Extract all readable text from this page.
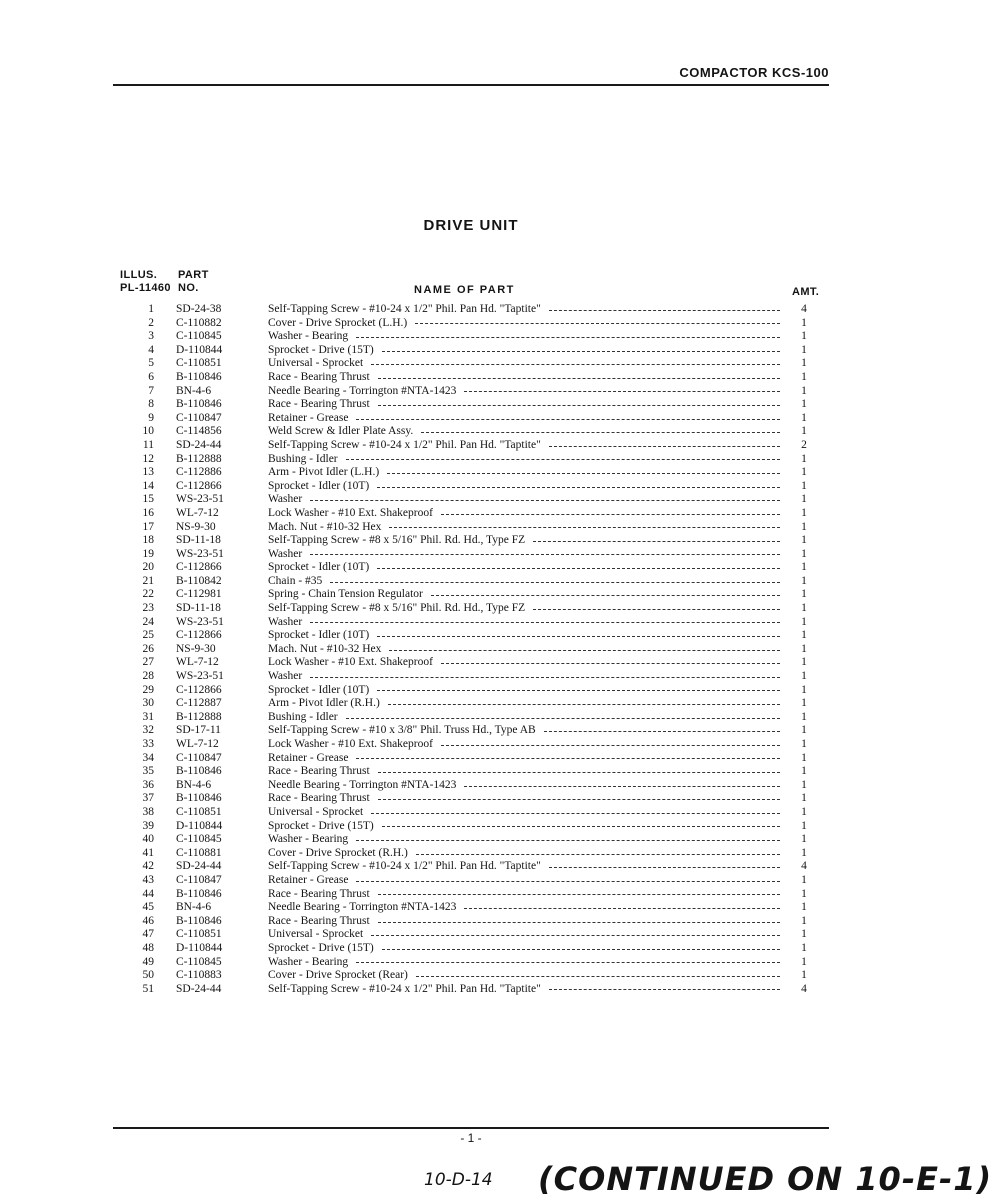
COMPACTOR KCS-100
DRIVE UNIT
ILLUS. PART
PL-11460 NO.	NAME OF PART	AMT.
1 SD-24-38	Self-Tapping Screw - #10-24 x 1/2" Phil. Pan Hd. "Taptite"	4
2 C-110882	Cover - Drive Sprocket (L.H.)	1
3 C-110845	Washer - Bearing	1
4 D-110844	Sprocket - Drive (15T)	1
5 C-110851	Universal - Sprocket	1
6 B-110846	Race - Bearing Thrust	1
7 BN-4-6	Needle Bearing - Torrington #NTA-1423	1
8 B-110846	Race - Bearing Thrust	1
9 C-110847	Retainer - Grease	1
10 C-114856	Weld Screw & Idler Plate Assy.	1
11 SD-24-44	Self-Tapping Screw - #10-24 x 1/2" Phil. Pan Hd. "Taptite"	2
12 B-112888	Bushing - Idler	1
13 C-112886	Arm - Pivot Idler (L.H.)	1
14 C-112866	Sprocket - Idler (10T)	1
15 WS-23-51	Washer	1
16 WL-7-12	Lock Washer - #10 Ext. Shakeproof	1
17 NS-9-30	Mach. Nut - #10-32 Hex	1
18 SD-11-18	Self-Tapping Screw - #8 x 5/16" Phil. Rd. Hd., Type FZ	1
19 WS-23-51	Washer	1
20 C-112866	Sprocket - Idler (10T)	1
21 B-110842	Chain - #35	1
22 C-112981	Spring - Chain Tension Regulator	1
23 SD-11-18	Self-Tapping Screw - #8 x 5/16" Phil. Rd. Hd., Type FZ	1
24 WS-23-51	Washer	1
25 C-112866	Sprocket - Idler (10T)	1
26 NS-9-30	Mach. Nut - #10-32 Hex	1
27 WL-7-12	Lock Washer - #10 Ext. Shakeproof	1
28 WS-23-51	Washer	1
29 C-112866	Sprocket - Idler (10T)	1
30 C-112887	Arm - Pivot Idler (R.H.)	1
31 B-112888	Bushing - Idler	1
32 SD-17-11	Self-Tapping Screw - #10 x 3/8" Phil. Truss Hd., Type AB	1
33 WL-7-12	Lock Washer - #10 Ext. Shakeproof	1
34 C-110847	Retainer - Grease	1
35 B-110846	Race - Bearing Thrust	1
36 BN-4-6	Needle Bearing - Torrington #NTA-1423	1
37 B-110846	Race - Bearing Thrust	1
38 C-110851	Universal - Sprocket	1
39 D-110844	Sprocket - Drive (15T)	1
40 C-110845	Washer - Bearing	1
41 C-110881	Cover - Drive Sprocket (R.H.)	1
42 SD-24-44	Self-Tapping Screw - #10-24 x 1/2" Phil. Pan Hd. "Taptite"	4
43 C-110847	Retainer - Grease	1
44 B-110846	Race - Bearing Thrust	1
45 BN-4-6	Needle Bearing - Torrington #NTA-1423	1
46 B-110846	Race - Bearing Thrust	1
47 C-110851	Universal - Sprocket	1
48 D-110844	Sprocket - Drive (15T)	1
49 C-110845	Washer - Bearing	1
50 C-110883	Cover - Drive Sprocket (Rear)	1
51 SD-24-44	Self-Tapping Screw - #10-24 x 1/2" Phil. Pan Hd. "Taptite"	4
- 1 -
10-D-14 (CONTINUED ON 10-E-1)
